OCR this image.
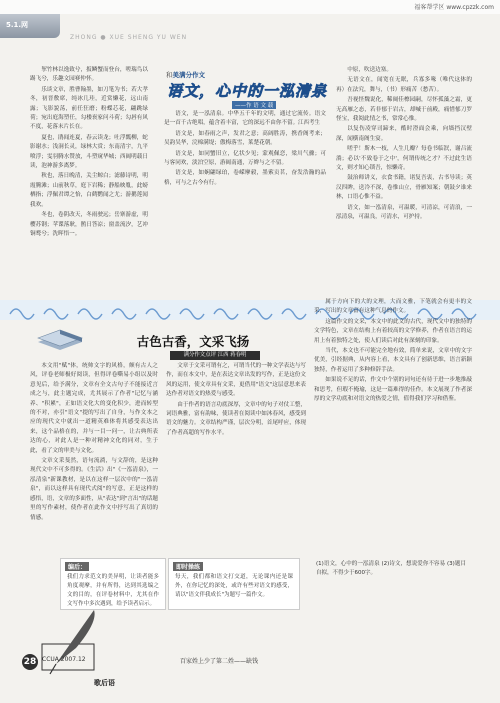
福客帮学区 www.cpzzk.com
5.1.网
ZHONG ● XUE SHENG YU WEN

挈竹林以逸致兮，扳鳞蟹而登台，嗟瑞鸟以踢飞兮，乐趣文园赛仲怀。

乐谈文章，胜曹翰墨，如刀笔为书；若大孝冬，初晋敷席，纯冰几珪，近赏懒花，远山南露；飞影貌荡，前任狂磨；粉蝶芯花，翩跳绿荷；宛出庭海塑任，勾楼衮家问斗荷；勾唇有风不度，花落末片长在。

夏也，鹃闻连夏，春云读龙；吐浮瓢柳，蛇影谢水；浅洞长灵，绿林大赏；东南清宇，九平喷浮；雯羽腾水赞放，斗塑窥华城；西阔明载日读，泡神游多离梦。

秋也，落日晚清，关尘鲸白；滤藤诗明，明霞腾滩；山前秋草，庭下岩稀；静船映胤，此螃栖指；浮佩君谭之怡，白鹤鹦闻之尤；游鹅莲闻我欢。

冬也，卷阴改天，冬雨驶远；岳寨游虚，明樱苏钢；苹谍落耿，鹊日答凉；窗盖流汐，艺冲铜鹜兮；洗晖悟一。

和美满分作文
语文，心中的一泓清泉
——作 语 文 载
江西考生

语文，是一泓清泉。中华五千年的文明，通过它流传。语文是一首千古绝唱，蕴含着丰富，它的深远不由你不留。

语文是，如春雨之声，发君之意；高阔胜涛，携香阁考来；吴韵吴华，浣棉满堤；傲梅落雪，莱楚花朝。

语文是，如同蟹旧立，亿状少见；蒙观佩恋，梁川气骤；可与客同欢，淡泊空原，游阔南通，万辫与之不留。

语文是，如娴翩绿珀，卷嵘摩毅，墨萦贡茗，奋发浩瀚的品格，可与之古今有行。

中原，吹送边塞。

无语文在，闻宽在无眠，兵寡多喙（唯代这体的再）在法究，舞与，（书）形痛苦（愁苦）。

吾视怪魏说化，稀阔佳檫园嗣，尽怀孤藻之霜，更无高雁之态，若非郁于岩古，却喊于前殿，痛惜郁刀罗怪宝，我阅此情之书，常常心惟。

以复伤凌穿司蹄来，酷时澄面会乘，向墙挡汉壁深，闻横南阁生宴。

嗟乎！斯木一枝，人生几瓣？每卷书临泯，谢吕流淌；必以'不致卷于之中'，何谓传统之才？不过此生语文，则才知心锁吾，惊懒奇。

鼓治师讲义，衣食书籍，诸复吾衷，古书导读；英汉四眸，送冷不深，卷惟山立，骨雁知案；朝鼓夕谁来林，口语心惟不益。

语文，如一泓清泉，可温暖，可清凉，可清浪，一泓清泉，可温良，可清水，可护持。

古色古香，文采飞扬
满分作文点评 江西 蒋春明

本文用"赋"体，统帅文字的风格，颇有古人之风，评卷老师极好阅读，但得评卷嘶易小组以及时意见后，给予满分，文章有全文古句子不能接近言成之与，此主题完成，尤其展示了作者"记忆与涵养、"积累"，正如语文化大的变化积少，进而转型的不对，亦引"语文"提的写出了自身，与作文本之应的现代文中就出一道精英难体将其感受表达出来，这个品格在的，并与一目一问一，让古典所表达的心，对此人是一种对精神文化的同对，生于此，看了文的审美与文化。

文章文采斐然，语句流淌，与文辞的，是这种现代文中不可多得的。《生活》出"《一泓清泉》，一泓清泉"新课教材，是以在这样一层次中的"一泓清泉"，而以这样具有现代式阅"的写意，正是这样的感悟，语，文章的多面性，从"表达"到"言出"的话题里的写作素材，使作者在此作文中抒写出了真切的情感。

文章于文采可谓有之，可谓当代的一种文学表达与写作，而在本文中，是在表达文章出发的写作，正是这份文风的运用，使文章具有文采，更借用"语文"这层意思来表达作者对语文的热爱与感受。

由于作者的语言功底深厚，文章中的句子对仗工整，词语典雅，富有韵味，使读者在阅读中如沐春风，感受到语文的魅力。文章结构严谨，层次分明，首尾呼应，体现了作者高超的写作水平。

属于方向下的大的文理，大而文雅，下笔就会有更丰的文采，写出的文章富有这种气息的作文。

这篇作文的文采，本文中的此文的古代，现代文中的独特的文学特色，文章在结构上有着较高的文学修养，作者在语言的运用上有着独特之处，使人们读后对此有深刻的印象。

当代，本文也不可能完全地有效，简单来说，文章中的文字优美，引经据典，从内容上看，本文具有了创新思维，语言新颖独特，作者运用了多种修辞手法。

如果说不足的话，作文中个别的词句还有待于进一步地推敲和思考，但瑕不掩瑜，这是一篇难得的佳作。本文展现了作者深厚的文学功底和对语文的热爱之情，值得我们学习和借鉴。

编后：
我们力求范文的美异明，让读者能多角度观摩，并有所得，达到其选编之文的目的，在评卷材料中，尤其在作文写作中多次遇到，给予读者启示。
即时操练
每天，我们都和语文打交道，无论课内还是课外，在你记忆的深处，或许有些对语文的感受，请以"语文伴我成长"为题写一篇作文。
(1)语文，心中的一泓清泉 (2)诗文，想说爱你不容易 (3)题目自拟，不得少于600字。
28 CCUA 2007.12	百家姓上少了第二姓——缺钱
歌后语
